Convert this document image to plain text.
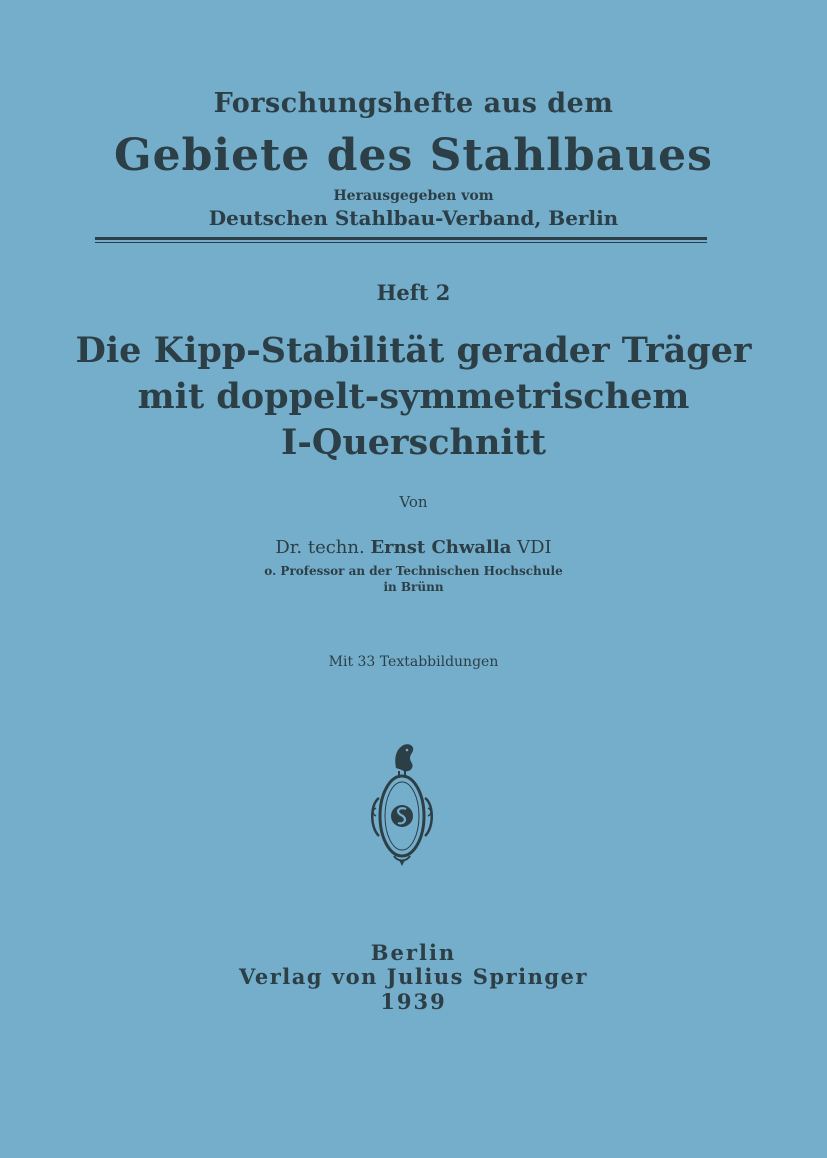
Forschungshefte aus dem
Gebiete des Stahlbaues
Herausgegeben vom
Deutschen Stahlbau-Verband, Berlin
Heft 2
Die Kipp-Stabilität gerader Träger
mit doppelt-symmetrischem
I-Querschnitt
Von
Dr. techn. Ernst Chwalla VDI
o. Professor an der Technischen Hochschule
in Brünn
Mit 33 Textabbildungen
Berlin
Verlag von Julius Springer
1939
